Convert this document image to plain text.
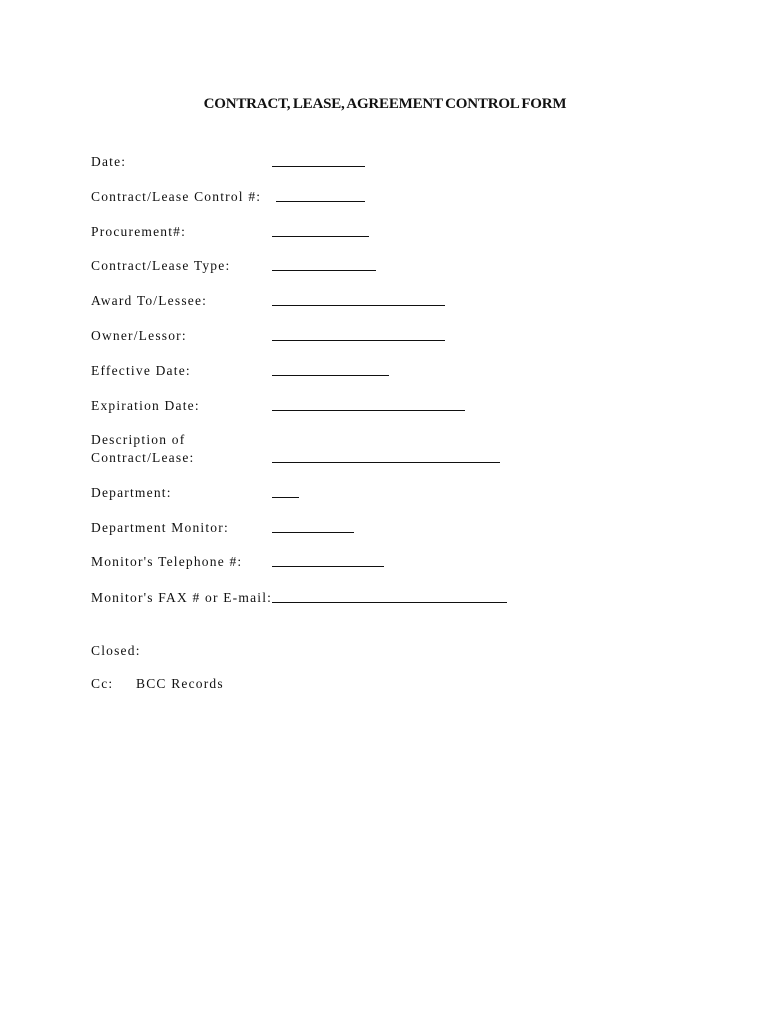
CONTRACT, LEASE, AGREEMENT CONTROL FORM
Date:
Contract/Lease Control #:
Procurement#:
Contract/Lease Type:
Award To/Lessee:
Owner/Lessor:
Effective Date:
Expiration Date:
Description of
Contract/Lease:
Department:
Department Monitor:
Monitor's Telephone #:
Monitor's FAX # or E-mail:
Closed:
Cc: BCC Records
